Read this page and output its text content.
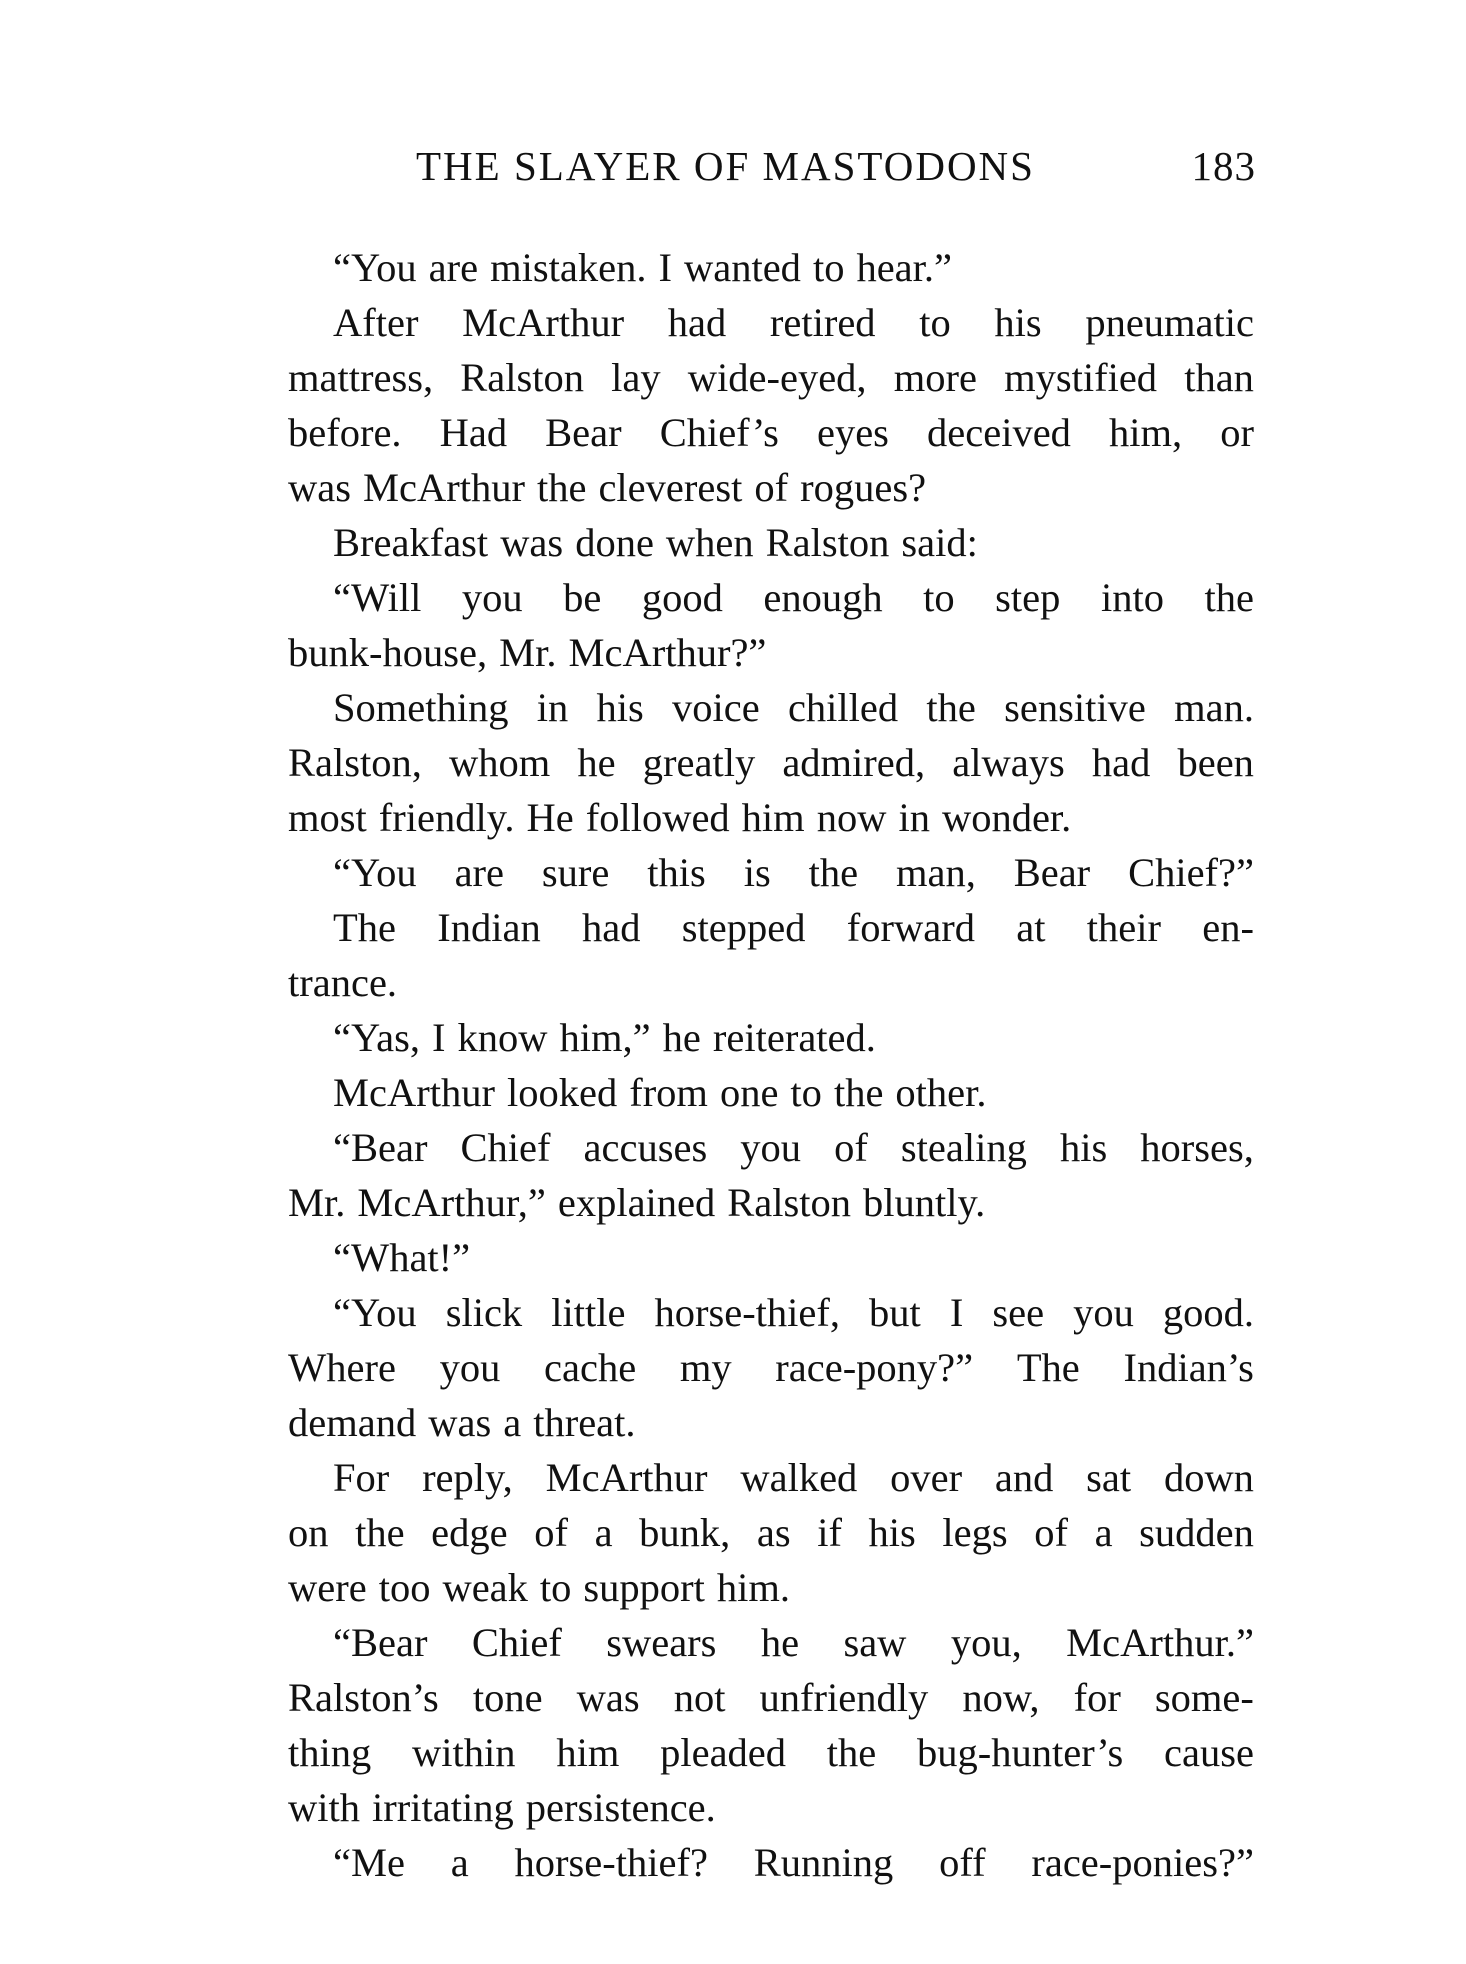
THE SLAYER OF MASTODONS	183
“You are mistaken. I wanted to hear.”
After McArthur had retired to his pneumatic
mattress, Ralston lay wide-eyed, more mystified than
before. Had Bear Chief’s eyes deceived him, or
was McArthur the cleverest of rogues?
Breakfast was done when Ralston said:
“Will you be good enough to step into the
bunk-house, Mr. McArthur?”
Something in his voice chilled the sensitive man.
Ralston, whom he greatly admired, always had been
most friendly. He followed him now in wonder.
“You are sure this is the man, Bear Chief?”
The Indian had stepped forward at their en-
trance.
“Yas, I know him,” he reiterated.
McArthur looked from one to the other.
“Bear Chief accuses you of stealing his horses,
Mr. McArthur,” explained Ralston bluntly.
“What!”
“You slick little horse-thief, but I see you good.
Where you cache my race-pony?” The Indian’s
demand was a threat.
For reply, McArthur walked over and sat down
on the edge of a bunk, as if his legs of a sudden
were too weak to support him.
“Bear Chief swears he saw you, McArthur.”
Ralston’s tone was not unfriendly now, for some-
thing within him pleaded the bug-hunter’s cause
with irritating persistence.
“Me a horse-thief? Running off race-ponies?”
